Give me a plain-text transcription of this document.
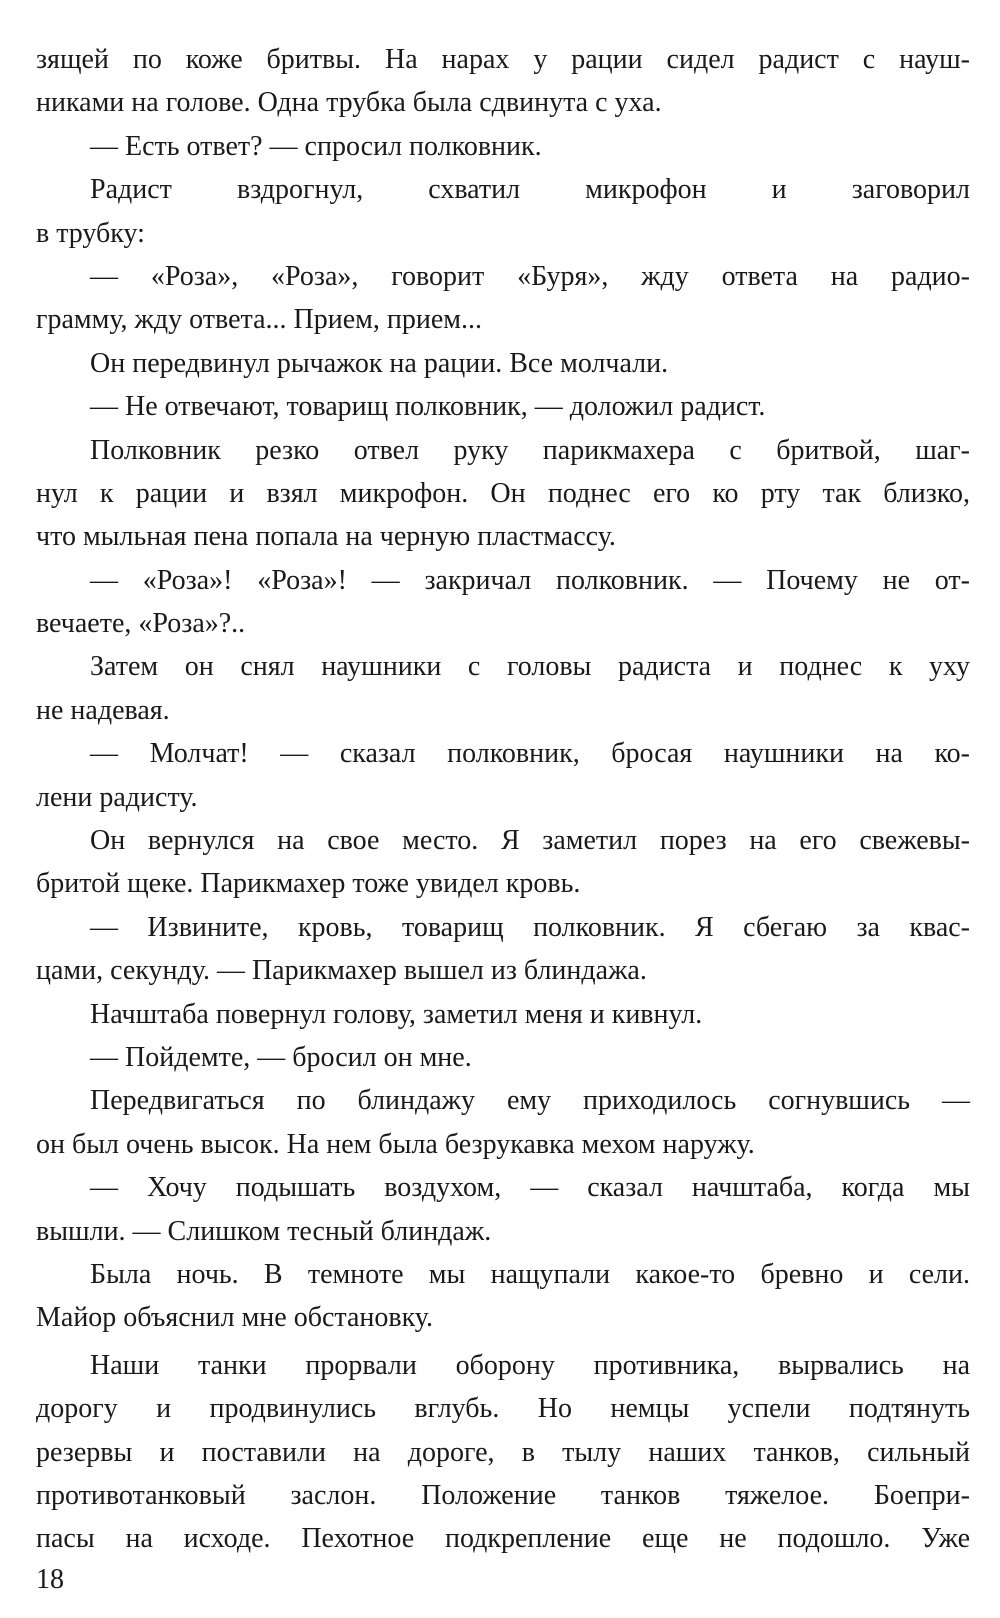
зящей по коже бритвы. На нарах у рации сидел радист с науш-
никами на голове. Одна трубка была сдвинута с уха.
— Есть ответ? — спросил полковник.
Радист вздрогнул, схватил микрофон и заговорил
в трубку:
— «Роза», «Роза», говорит «Буря», жду ответа на радио-
грамму, жду ответа... Прием, прием...
Он передвинул рычажок на рации. Все молчали.
— Не отвечают, товарищ полковник, — доложил радист.
Полковник резко отвел руку парикмахера с бритвой, шаг-
нул к рации и взял микрофон. Он поднес его ко рту так близко,
что мыльная пена попала на черную пластмассу.
— «Роза»! «Роза»! — закричал полковник. — Почему не от-
вечаете, «Роза»?..
Затем он снял наушники с головы радиста и поднес к уху
не надевая.
— Молчат! — сказал полковник, бросая наушники на ко-
лени радисту.
Он вернулся на свое место. Я заметил порез на его свежевы-
бритой щеке. Парикмахер тоже увидел кровь.
— Извините, кровь, товарищ полковник. Я сбегаю за квас-
цами, секунду. — Парикмахер вышел из блиндажа.
Начштаба повернул голову, заметил меня и кивнул.
— Пойдемте, — бросил он мне.
Передвигаться по блиндажу ему приходилось согнувшись —
он был очень высок. На нем была безрукавка мехом наружу.
— Хочу подышать воздухом, — сказал начштаба, когда мы
вышли. — Слишком тесный блиндаж.
Была ночь. В темноте мы нащупали какое-то бревно и сели.
Майор объяснил мне обстановку.
Наши танки прорвали оборону противника, вырвались на
дорогу и продвинулись вглубь. Но немцы успели подтянуть
резервы и поставили на дороге, в тылу наших танков, сильный
противотанковый заслон. Положение танков тяжелое. Боепри-
пасы на исходе. Пехотное подкрепление еще не подошло. Уже
18
